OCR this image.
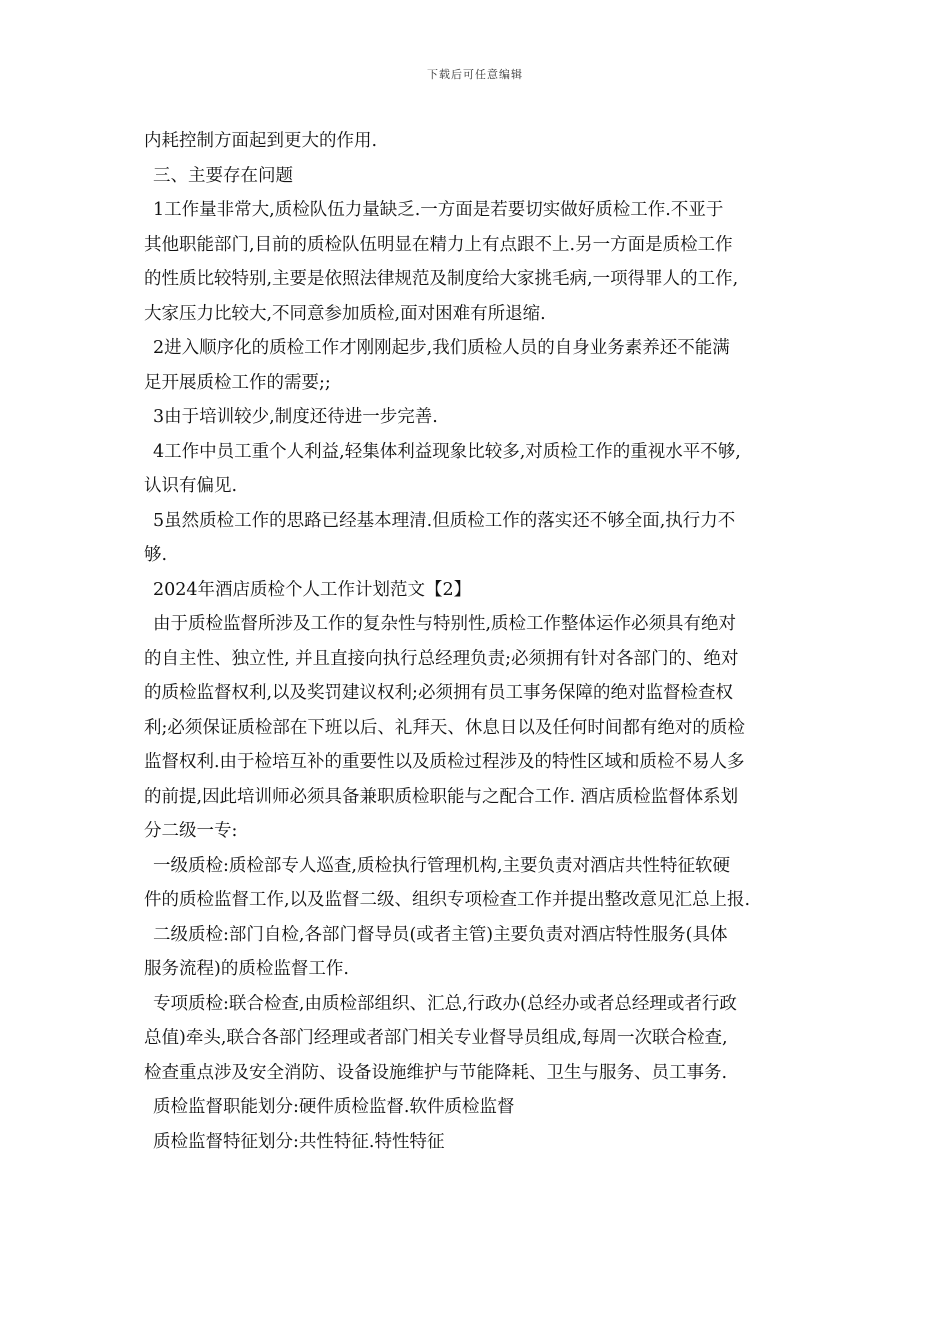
下载后可任意编辑
内耗控制方面起到更大的作用.
三、主要存在问题
1工作量非常大,质检队伍力量缺乏.一方面是若要切实做好质检工作.不亚于
其他职能部门,目前的质检队伍明显在精力上有点跟不上.另一方面是质检工作
的性质比较特别,主要是依照法律规范及制度给大家挑毛病,一项得罪人的工作,
大家压力比较大,不同意参加质检,面对困难有所退缩.
2进入顺序化的质检工作才刚刚起步,我们质检人员的自身业务素养还不能满
足开展质检工作的需要;;
3由于培训较少,制度还待进一步完善.
4工作中员工重个人利益,轻集体利益现象比较多,对质检工作的重视水平不够,
认识有偏见.
5虽然质检工作的思路已经基本理清.但质检工作的落实还不够全面,执行力不
够.
2024年酒店质检个人工作计划范文【2】
由于质检监督所涉及工作的复杂性与特别性,质检工作整体运作必须具有绝对
的自主性、独立性, 并且直接向执行总经理负责;必须拥有针对各部门的、绝对
的质检监督权利,以及奖罚建议权利;必须拥有员工事务保障的绝对监督检查权
利;必须保证质检部在下班以后、礼拜天、休息日以及任何时间都有绝对的质检
监督权利.由于检培互补的重要性以及质检过程涉及的特性区域和质检不易人多
的前提,因此培训师必须具备兼职质检职能与之配合工作. 酒店质检监督体系划
分二级一专:
一级质检:质检部专人巡查,质检执行管理机构,主要负责对酒店共性特征软硬
件的质检监督工作,以及监督二级、组织专项检查工作并提出整改意见汇总上报.
二级质检:部门自检,各部门督导员(或者主管)主要负责对酒店特性服务(具体
服务流程)的质检监督工作.
专项质检:联合检查,由质检部组织、汇总,行政办(总经办或者总经理或者行政
总值)牵头,联合各部门经理或者部门相关专业督导员组成,每周一次联合检查,
检查重点涉及安全消防、设备设施维护与节能降耗、卫生与服务、员工事务.
质检监督职能划分:硬件质检监督.软件质检监督
质检监督特征划分:共性特征.特性特征
